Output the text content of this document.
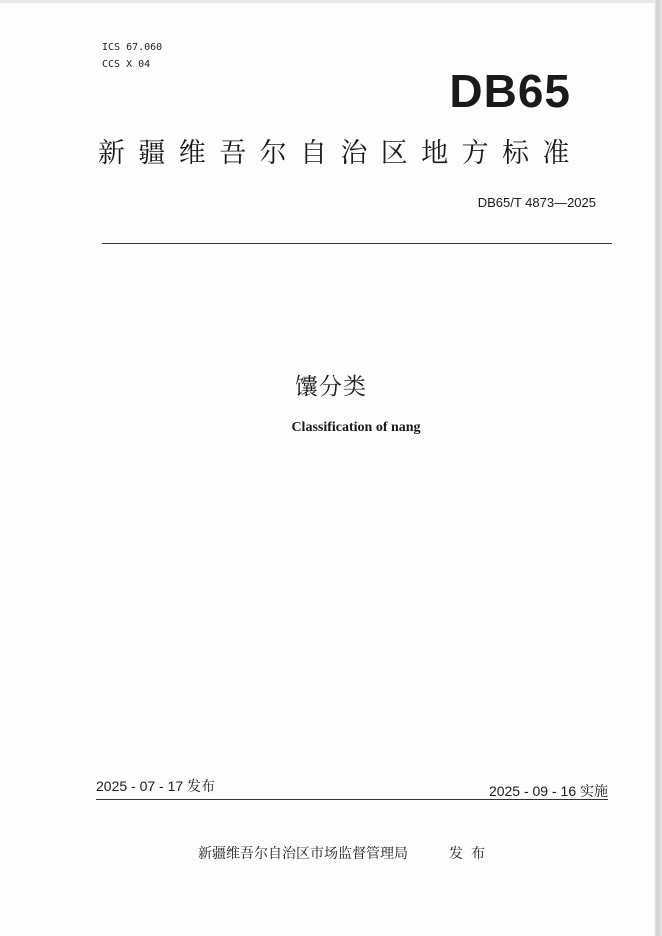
ICS 67.060
CCS X 04
DB65
新疆维吾尔自治区地方标准
DB65/T 4873—2025
馕分类
Classification of nang
2025 - 07 - 17 发布	2025 - 09 - 16 实施
新疆维吾尔自治区市场监督管理局	发布
